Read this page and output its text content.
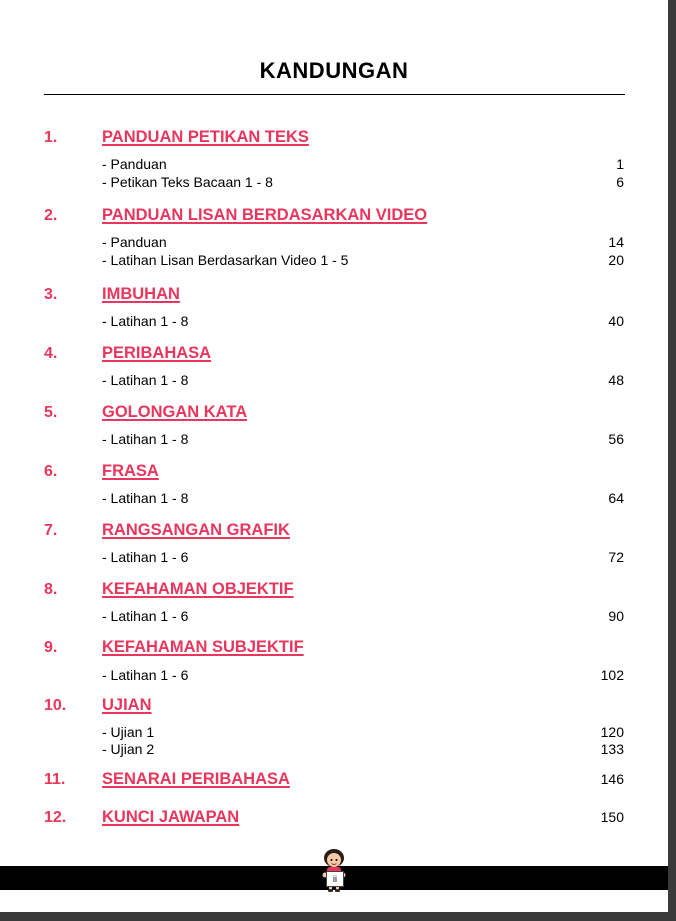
KANDUNGAN
1.	PANDUAN PETIKAN TEKS
- Panduan	1
- Petikan Teks Bacaan 1 - 8	6
2.	PANDUAN LISAN BERDASARKAN VIDEO
- Panduan	14
- Latihan Lisan Berdasarkan Video 1 - 5	20
3.	IMBUHAN
- Latihan 1 - 8	40
4.	PERIBAHASA
- Latihan 1 - 8	48
5.	GOLONGAN KATA
- Latihan 1 - 8	56
6.	FRASA
- Latihan 1 - 8	64
7.	RANGSANGAN GRAFIK
- Latihan 1 - 6	72
8.	KEFAHAMAN OBJEKTIF
- Latihan 1 - 6	90
9.	KEFAHAMAN SUBJEKTIF
- Latihan 1 - 6	102
10. UJIAN
- Ujian 1	120
- Ujian 2	133
11. SENARAI PERIBAHASA	146
12. KUNCI JAWAPAN	150
ii
